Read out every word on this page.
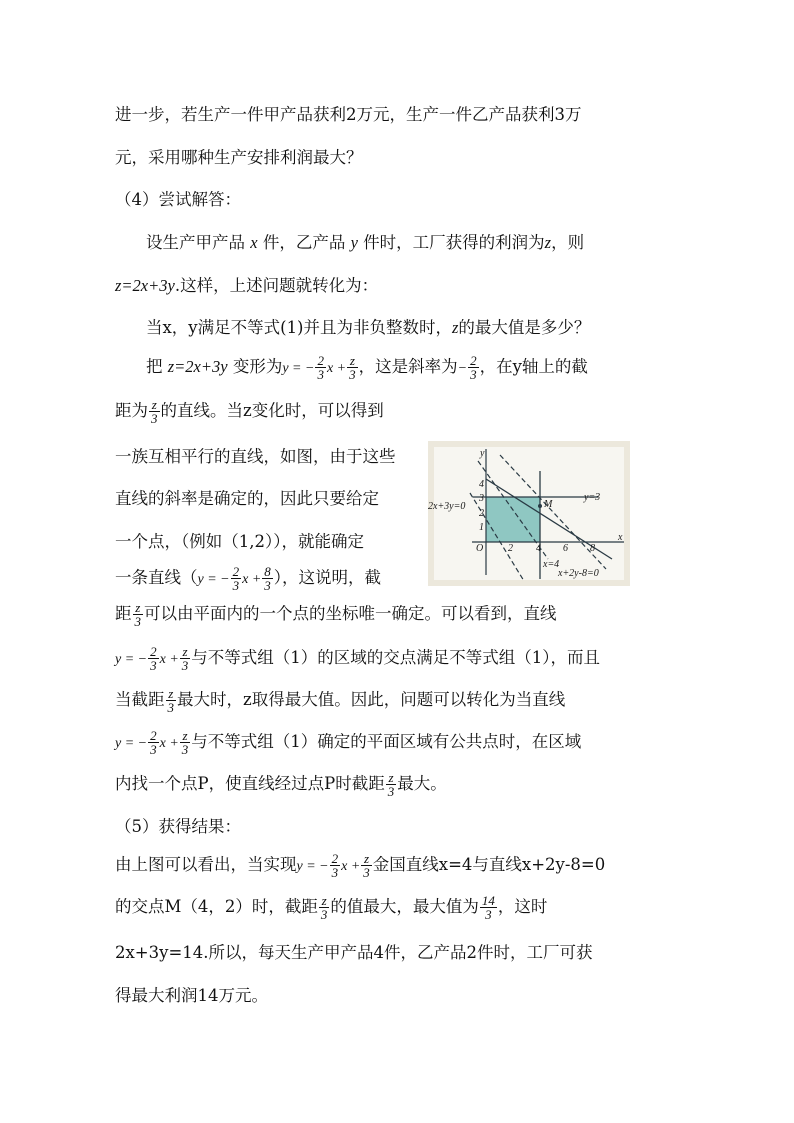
进一步，若生产一件甲产品获利2万元，生产一件乙产品获利3万
元，采用哪种生产安排利润最大？
（4）尝试解答：
设生产甲产品 x 件，乙产品 y 件时，工厂获得的利润为z，则
z=2x+3y.这样，上述问题就转化为：
当x，y满足不等式(1)并且为非负整数时，z的最大值是多少？
把 z=2x+3y 变形为y = − $\frac{2}{3}$ $x + \frac{z}{3}$ ，这是斜率为− $\frac{2}{3}$ ，在y轴上的截
距为 $\frac{z}{3}$ 的直线。当z变化时，可以得到
一族互相平行的直线，如图，由于这些
直线的斜率是确定的，因此只要给定
一个点，（例如（1,2）），就能确定
一条直线（y = − $\frac{2}{3}$ $x + \frac{8}{3}$ ），这说明，截
距 $\frac{z}{3}$ 可以由平面内的一个点的坐标唯一确定。可以看到，直线
y = − $\frac{2}{3}$ $x + \frac{z}{3}$ 与不等式组（1）的区域的交点满足不等式组（1），而且
当截距 $\frac{z}{3}$ 最大时，z取得最大值。因此，问题可以转化为当直线
y = − $\frac{2}{3}$ $x + \frac{z}{3}$ 与不等式组（1）确定的平面区域有公共点时，在区域
内找一个点P，使直线经过点P时截距 $\frac{z}{3}$ 最大。
（5）获得结果：
由上图可以看出，当实现y = − $\frac{2}{3}$ $x + \frac{z}{3}$ 金国直线x=4与直线x+2y-8=0
的交点M（4，2）时，截距 $\frac{z}{3}$ 的值最大，最大值为 $\frac{14}{3}$ ，这时
2x+3y=14.所以，每天生产甲产品4件，乙产品2件时，工厂可获
得最大利润14万元。
y
x
O
y=3
2x+3y=0	M
x=4
x+2y-8=0
2 4 6 8
1
2
3
4
